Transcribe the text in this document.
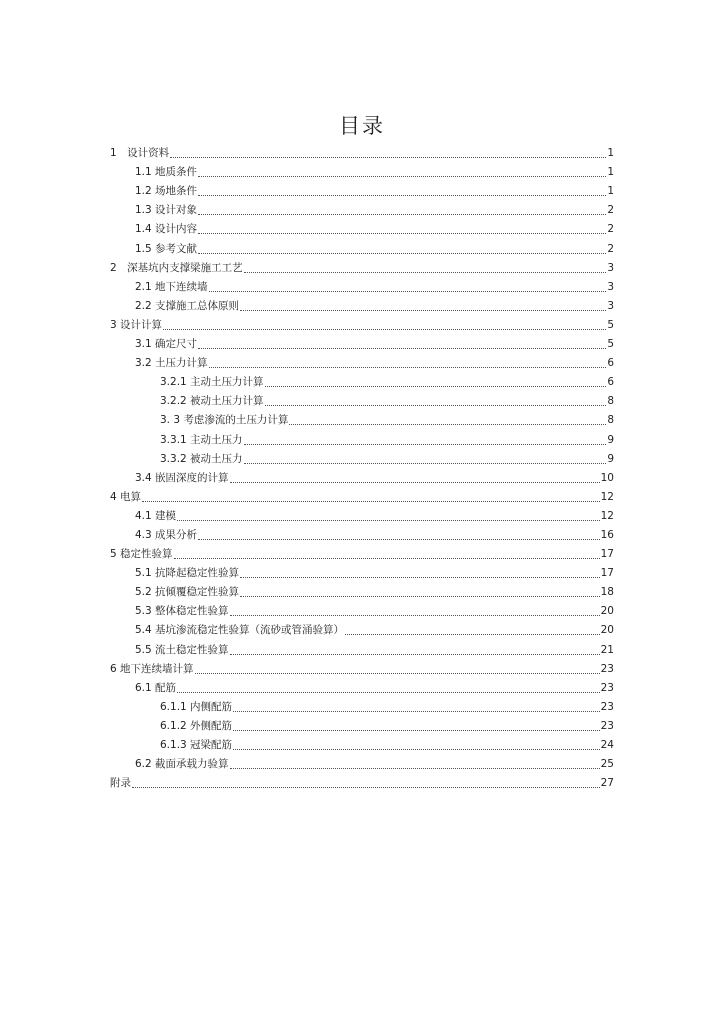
目录
1　设计资料	1
1.1 地质条件	1
1.2 场地条件	1
1.3 设计对象	2
1.4 设计内容	2
1.5 参考文献	2
2　深基坑内支撑梁施工工艺	3
2.1 地下连续墙	3
2.2 支撑施工总体原则	3
3 设计计算	5
3.1 确定尺寸	5
3.2 土压力计算	6
3.2.1 主动土压力计算	6
3.2.2 被动土压力计算	8
3. 3 考虑渗流的土压力计算	8
3.3.1 主动土压力	9
3.3.2 被动土压力	9
3.4 嵌固深度的计算	10
4 电算	12
4.1 建模	12
4.3 成果分析	16
5 稳定性验算	17
5.1 抗降起稳定性验算	17
5.2 抗倾覆稳定性验算	18
5.3 整体稳定性验算	20
5.4 基坑渗流稳定性验算（流砂或管涌验算）	20
5.5 流土稳定性验算	21
6 地下连续墙计算	23
6.1 配筋	23
6.1.1 内侧配筋	23
6.1.2 外侧配筋	23
6.1.3 冠梁配筋	24
6.2 截面承载力验算	25
附录	27
